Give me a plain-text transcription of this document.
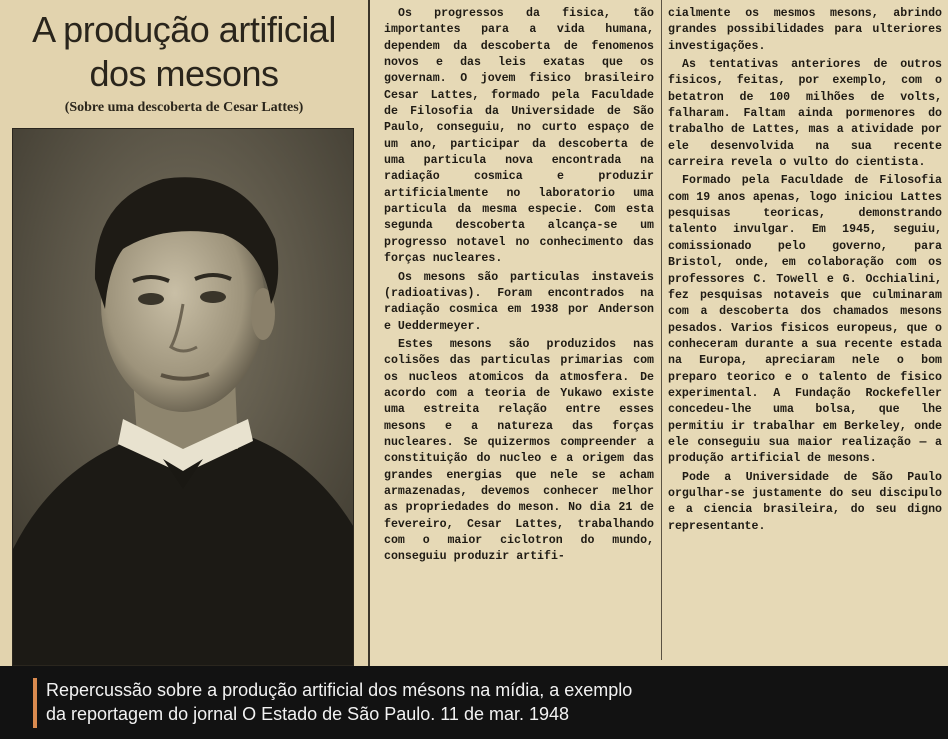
A produção artificial
dos mesons
(Sobre uma descoberta de Cesar Lattes)

Os progressos da fisica, tão importantes para a vida humana, dependem da descoberta de fenomenos novos e das leis exatas que os governam. O jovem fisico brasileiro Cesar Lattes, formado pela Faculdade de Filosofia da Universidade de São Paulo, conseguiu, no curto espaço de um ano, participar da descoberta de uma particula nova encontrada na radiação cosmica e produzir artificialmente no laboratorio uma particula da mesma especie. Com esta segunda descoberta alcança-se um progresso notavel no conhecimento das forças nucleares.

Os mesons são particulas instaveis (radioativas). Foram encontrados na radiação cosmica em 1938 por Anderson e Ueddermeyer.

Estes mesons são produzidos nas colisões das particulas primarias com os nucleos atomicos da atmosfera. De acordo com a teoria de Yukawo existe uma estreita relação entre esses mesons e a natureza das forças nucleares. Se quizermos compreender a constituição do nucleo e a origem das grandes energias que nele se acham armazenadas, devemos conhecer melhor as propriedades do meson. No dia 21 de fevereiro, Cesar Lattes, trabalhando com o maior ciclotron do mundo, conseguiu produzir artifi-

cialmente os mesmos mesons, abrindo grandes possibilidades para ulteriores investigações.

As tentativas anteriores de outros fisicos, feitas, por exemplo, com o betatron de 100 milhões de volts, falharam. Faltam ainda pormenores do trabalho de Lattes, mas a atividade por ele desenvolvida na sua recente carreira revela o vulto do cientista.

Formado pela Faculdade de Filosofia com 19 anos apenas, logo iniciou Lattes pesquisas teoricas, demonstrando talento invulgar. Em 1945, seguiu, comissionado pelo governo, para Bristol, onde, em colaboração com os professores C. Towell e G. Occhialini, fez pesquisas notaveis que culminaram com a descoberta dos chamados mesons pesados. Varios fisicos europeus, que o conheceram durante a sua recente estada na Europa, apreciaram nele o bom preparo teorico e o talento de fisico experimental. A Fundação Rockefeller concedeu-lhe uma bolsa, que lhe permitiu ir trabalhar em Berkeley, onde ele conseguiu sua maior realização — a produção artificial de mesons.

Pode a Universidade de São Paulo orgulhar-se justamente do seu discipulo e a ciencia brasileira, do seu digno representante.

Repercussão sobre a produção artificial dos mésons na mídia, a exemplo
da reportagem do jornal O Estado de São Paulo. 11 de mar. 1948
